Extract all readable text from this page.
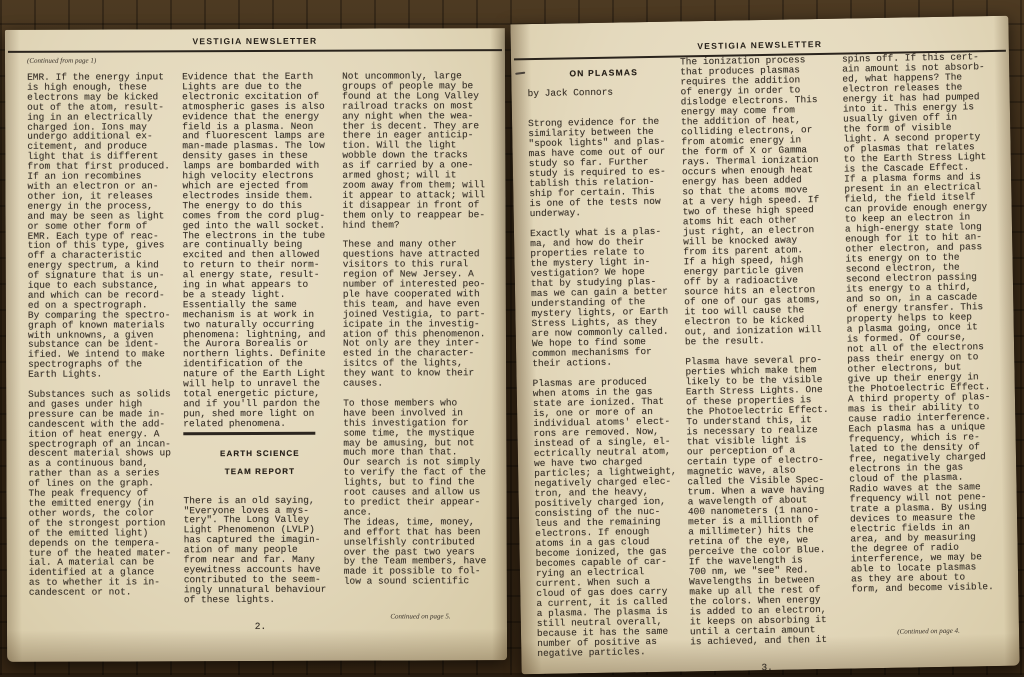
VESTIGIA NEWSLETTER
(Continued from page 1)
EMR. If the energy input
is high enough, these
electrons may be kicked
out of the atom, result-
ing in an electrically
charged ion. Ions may
undergo additional ex-
citement, and produce
light that is different
from that first produced.
If an ion recombines
with an electron or an-
other ion, it releases
energy in the process,
and may be seen as light
or some other form of
EMR. Each type of reac-
tion of this type, gives
off a characteristic
energy spectrum, a kind
of signature that is un-
ique to each substance,
and which can be record-
ed on a spectrograph.
By comparing the spectro-
graph of known materials
with unknowns, a given
substance can be ident-
ified. We intend to make
spectrographs of the
Earth Lights.

Substances such as solids
and gases under high
pressure can be made in-
candescent with the add-
ition of heat energy. A
spectrograph of an incan-
descent material shows up
as a continuous band,
rather than as a series
of lines on the graph.
The peak frequency of
the emitted energy (in
other words, the color
of the strongest portion
of the emitted light)
depends on the tempera-
ture of the heated mater-
ial. A material can be
identified at a glance
as to whether it is in-
candescent or not.
Evidence that the Earth
Lights are due to the
electronic excitation of
atmospheric gases is also
evidence that the energy
field is a plasma. Neon
and fluorescent lamps are
man-made plasmas. The low
density gases in these
lamps are bombarded with
high velocity electrons
which are ejected from
electrodes inside them.
The energy to do this
comes from the cord plug-
ged into the wall socket.
The electrons in the tube
are continually being
excited and then allowed
to return to their norm-
al energy state, result-
ing in what appears to
be a steady light.
Essentially the same
mechanism is at work in
two naturally occurring
phenomena: lightning, and
the Aurora Borealis or
northern lights. Definite
identification of the
nature of the Earth Light
will help to unravel the
total energetic picture,
and if you'll pardon the
pun, shed more light on
related phenomena.
EARTH SCIENCE
TEAM REPORT
There is an old saying,
"Everyone loves a mys-
tery". The Long Valley
Light Phenomenon (LVLP)
has captured the imagin-
ation of many people
from near and far. Many
eyewitness accounts have
contributed to the seem-
ingly unnatural behaviour
of these lights.
2.
Not uncommonly, large
groups of people may be
found at the Long Valley
railroad tracks on most
any night when the wea-
ther is decent. They are
there in eager anticip-
tion. Will the light
wobble down the tracks
as if carried by a one-
armed ghost; will it
zoom away from them; will
it appear to attack; will
it disappear in front of
them only to reappear be-
hind them?

These and many other
questions have attracted
visitors to this rural
region of New Jersey. A
number of interested peo-
ple have cooperated with
this team, and have even
joined Vestigia, to part-
icipate in the investig-
ation of this phenomenon.
Not only are they inter-
ested in the character-
isitcs of the lights,
they want to know their
causes.

To those members who
have been involved in
this investigation for
some time, the mystique
may be amusing, but not
much more than that.
Our search is not simply
to verify the fact of the
lights, but to find the
root causes and allow us
to predict their appear-
ance.
The ideas, time, money,
and effort that has been
unselfishly contributed
over the past two years
by the Team members, have
made it possible to fol-
low a sound scientific
Continued on page 5.
VESTIGIA NEWSLETTER
ON PLASMAS
by Jack Connors
Strong evidence for the
similarity between the
"spook lights" and plas-
mas have come out of our
study so far. Further
study is required to es-
tablish this relation-
ship for certain. This
is one of the tests now
underway.

Exactly what is a plas-
ma, and how do their
properties relate to
the mystery light in-
vestigation? We hope
that by studying plas-
mas we can gain a better
understanding of the
mystery lights, or Earth
Stress Lights, as they
are now commonly called.
We hope to find some
common mechanisms for
their actions.

Plasmas are produced
when atoms in the gas
state are ionized. That
is, one or more of an
individual atoms' elect-
rons are removed. Now,
instead of a single, el-
ectrically neutral atom,
we have two charged
particles; a lightweight,
negatively charged elec-
tron, and the heavy,
positively charged ion,
consisting of the nuc-
leus and the remaining
electrons. If enough
atoms in a gas cloud
become ionized, the gas
becomes capable of car-
rying an electrical
current. When such a
cloud of gas does carry
a current, it is called
a plasma. The plasma is
still neutral overall,
because it has the same
number of positive as
negative particles.
The ionization process
that produces plasmas
requires the addition
of energy in order to
dislodge electrons. This
energy may come from
the addition of heat,
colliding electrons, or
from atomic energy in
the form of X or Gamma
rays. Thermal ionization
occurs when enough heat
energy has been added
so that the atoms move
at a very high speed. If
two of these high speed
atoms hit each other
just right, an electron
will be knocked away
from its parent atom.
If a high speed, high
energy particle given
off by a radioactive
source hits an electron
of one of our gas atoms,
it too will cause the
electron to be kicked
out, and ionization will
be the result.

Plasma have several pro-
perties which make them
likely to be the visible
Earth Stress Lights. One
of these properties is
the Photoelectric Effect.
To understand this, it
is necessary to realize
that visible light is
our perception of a
certain type of electro-
magnetic wave, also
called the Visible Spec-
trum. When a wave having
a wavelength of about
400 nanometers (1 nano-
meter is a millionth of
a millimeter) hits the
retina of the eye, we
perceive the color Blue.
If the wavelength is
700 nm, we "see" Red.
Wavelengths in between
make up all the rest of
the colors. When energy
is added to an electron,
it keeps on absorbing it
until a certain amount
is achieved, and then it
3.
spins off. If this cert-
ain amount is not absorb-
ed, what happens? The
electron releases the
energy it has had pumped
into it. This energy is
usually given off in
the form of visible
light. A second property
of plasmas that relates
to the Earth Stress Light
is the Cascade Effect.
If a plasma forms and is
present in an electrical
field, the field itself
can provide enough energy
to keep an electron in
a high-energy state long
enough for it to hit an-
other electron, and pass
its energy on to the
second electron, the
second electron passing
its energy to a third,
and so on, in a cascade
of energy transfer. This
property helps to keep
a plasma going, once it
is formed. Of course,
not all of the electrons
pass their energy on to
other electrons, but
give up their energy in
the Photoelectric Effect.
A third property of plas-
mas is their ability to
cause radio interference.
Each plasma has a unique
frequency, which is re-
lated to the density of
free, negatively charged
electrons in the gas
cloud of the plasma.
Radio waves at the same
frequency will not pene-
trate a plasma. By using
devices to measure the
electric fields in an
area, and by measuring
the degree of radio
interference, we may be
able to locate plasmas
as they are about to
form, and become visible.
(Continued on page 4.
